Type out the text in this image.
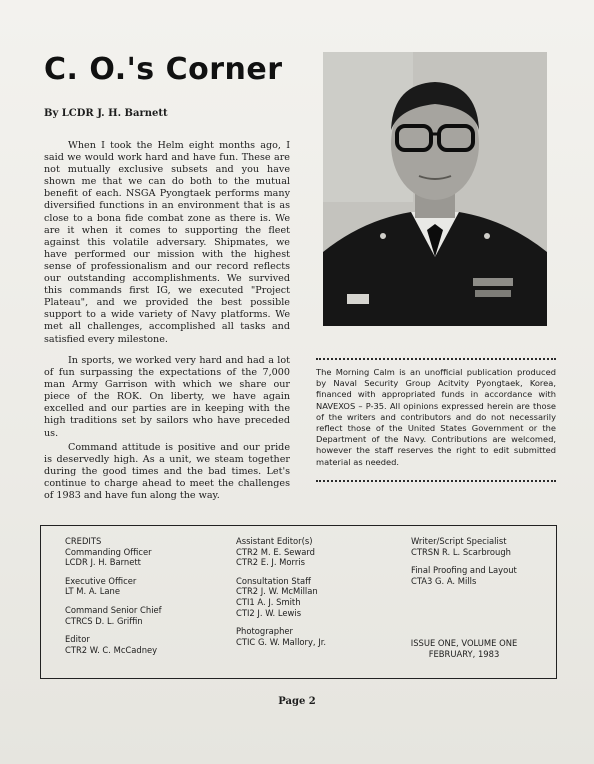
C. O.'s Corner

By LCDR J. H. Barnett

When I took the Helm eight months ago, I said we would work hard and have fun. These are not mutually exclusive subsets and you have shown me that we can do both to the mutual benefit of each. NSGA Pyongtaek performs many diversified functions in an environment that is as close to a bona fide combat zone as there is. We are it when it comes to supporting the fleet against this volatile adversary. Shipmates, we have performed our mission with the highest sense of professionalism and our record reflects our outstanding accomplishments. We survived this commands first IG, we executed "Project Plateau", and we provided the best possible support to a wide variety of Navy platforms. We met all challenges, accomplished all tasks and satisfied every milestone.

In sports, we worked very hard and had a lot of fun surpassing the expectations of the 7,000 man Army Garrison with which we share our piece of the ROK. On liberty, we have again excelled and our parties are in keeping with the high traditions set by sailors who have preceded us.

Command attitude is positive and our pride is deservedly high. As a unit, we steam together during the good times and the bad times. Let's continue to charge ahead to meet the challenges of 1983 and have fun along the way.

The Morning Calm is an unofficial publication produced by Naval Security Group Acitvity Pyongtaek, Korea, financed with appropriated funds in accordance with NAVEXOS – P-35. All opinions expressed herein are those of the writers and contributors and do not necessarily reflect those of the United States Government or the Department of the Navy. Contributions are welcomed, however the staff reserves the right to edit submitted material as needed.

CREDITS
Commanding Officer
LCDR J. H. Barnett
Executive Officer
LT M. A. Lane
Command Senior Chief
CTRCS D. L. Griffin
Editor
CTR2 W. C. McCadney
Assistant Editor(s)
CTR2 M. E. Seward
CTR2 E. J. Morris
Consultation Staff
CTR2 J. W. McMillan
CTI1 A. J. Smith
CTI2 J. W. Lewis
Photographer
CTIC G. W. Mallory, Jr.
Writer/Script Specialist
CTRSN R. L. Scarbrough
Final Proofing and Layout
CTA3 G. A. Mills
ISSUE ONE, VOLUME ONE
FEBRUARY, 1983

Page 2
